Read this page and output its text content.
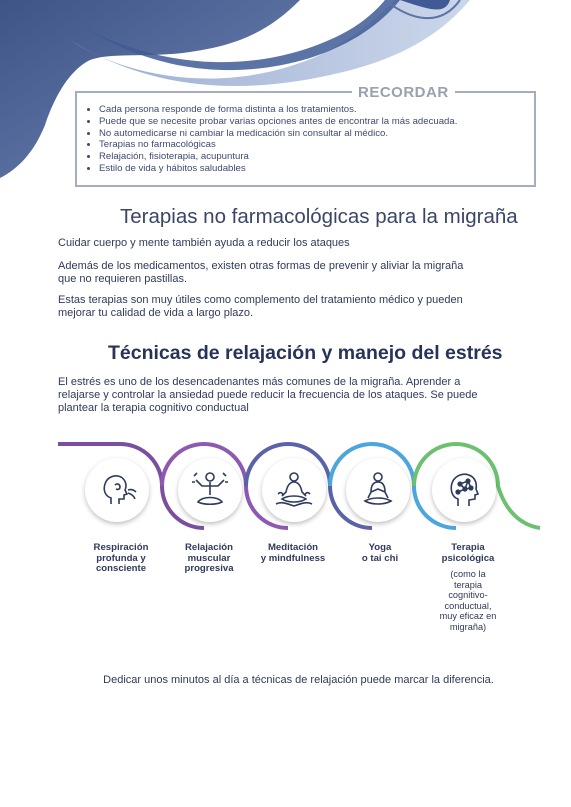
RECORDAR
• Cada persona responde de forma distinta a los tratamientos.
• Puede que se necesite probar varias opciones antes de encontrar la más adecuada.
• No automedicarse ni cambiar la medicación sin consultar al médico.
• Terapias no farmacológicas
• Relajación, fisioterapia, acupuntura
• Estilo de vida y hábitos saludables
Terapias no farmacológicas para la migraña

Cuidar cuerpo y mente también ayuda a reducir los ataques

Además de los medicamentos, existen otras formas de prevenir y aliviar la migraña

que no requieren pastillas.

Estas terapias son muy útiles como complemento del tratamiento médico y pueden

mejorar tu calidad de vida a largo plazo.

Técnicas de relajación y manejo del estrés

El estrés es uno de los desencadenantes más comunes de la migraña. Aprender a

relajarse y controlar la ansiedad puede reducir la frecuencia de los ataques. Se puede

plantear la terapia cognitivo conductual

Respiración
profunda y
consciente
Relajación
muscular
progresiva
Meditación
y mindfulness
Yoga
o tai chi
Terapia
psicológica
(como la
terapia
cognitivo-
conductual,
muy eficaz en
migraña)

Dedicar unos minutos al día a técnicas de relajación puede marcar la diferencia.
